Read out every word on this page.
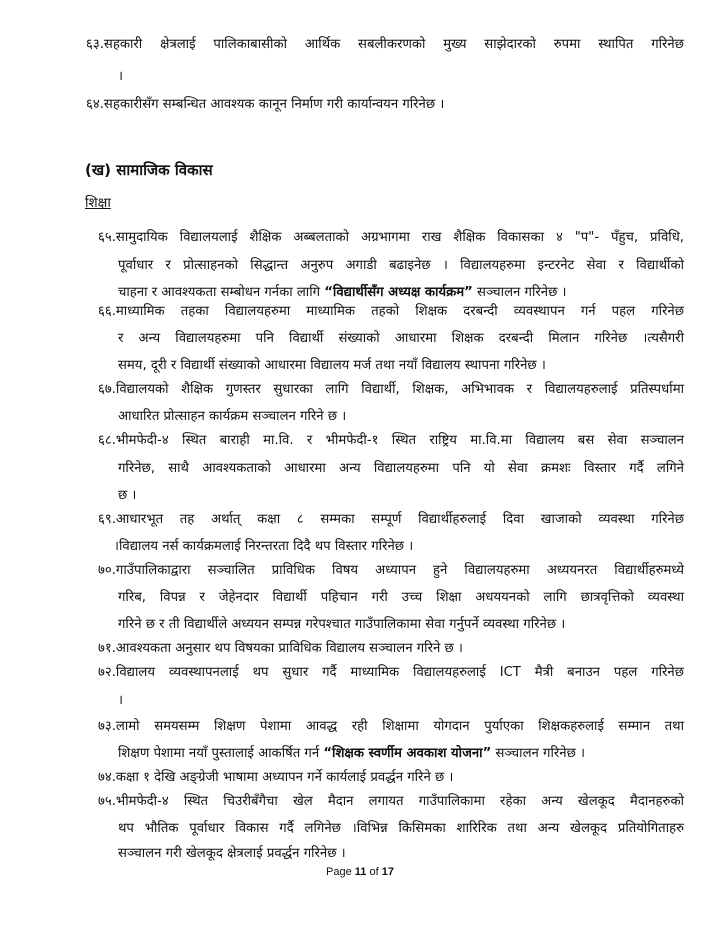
६३.सहकारी क्षेत्रलाई पालिकाबासीको आर्थिक सबलीकरणको मुख्य साझेदारको रुपमा स्थापित गरिनेछ
।
६४.सहकारीसँग सम्बन्धित आवश्यक कानून निर्माण गरी कार्यान्वयन गरिनेछ ।
(ख) सामाजिक विकास
शिक्षा
६५.सामुदायिक विद्यालयलाई शैक्षिक अब्बलताको अग्रभागमा राख शैक्षिक विकासका ४ "प"- पँहुच, प्रविधि,
पूर्वाधार र प्रोत्साहनको सिद्धान्त अनुरुप अगाडी बढाइनेछ । विद्यालयहरुमा इन्टरनेट सेवा र विद्यार्थीको
चाहना र आवश्यकता सम्बोधन गर्नका लागि “विद्यार्थीसँग अध्यक्ष कार्यक्रम” सञ्चालन गरिनेछ ।
६६.माध्यामिक तहका विद्यालयहरुमा माध्यामिक तहको शिक्षक दरबन्दी व्यवस्थापन गर्न पहल गरिनेछ
र अन्य विद्यालयहरुमा पनि विद्यार्थी संख्याको आधारमा शिक्षक दरबन्दी मिलान गरिनेछ ।त्यसैगरी
समय, दूरी र विद्यार्थी संख्याको आधारमा विद्यालय मर्ज तथा नयाँ विद्यालय स्थापना गरिनेछ ।
६७.विद्यालयको शैक्षिक गुणस्तर सुधारका लागि विद्यार्थी, शिक्षक, अभिभावक र विद्यालयहरुलाई प्रतिस्पर्धामा
आधारित प्रोत्साहन कार्यक्रम सञ्चालन गरिने छ ।
६८.भीमफेदी-४ स्थित बाराही मा.वि. र भीमफेदी-१ स्थित राष्ट्रिय मा.वि.मा विद्यालय बस सेवा सञ्चालन
गरिनेछ, साथै आवश्यकताको आधारमा अन्य विद्यालयहरुमा पनि यो सेवा क्रमशः विस्तार गर्दै लगिने
छ ।
६९.आधारभूत तह अर्थात् कक्षा ८ सम्मका सम्पूर्ण विद्यार्थीहरुलाई दिवा खाजाको व्यवस्था गरिनेछ
।विद्यालय नर्स कार्यक्रमलाई निरन्तरता दिदै थप विस्तार गरिनेछ ।
७०.गाउँपालिकाद्वारा सञ्चालित प्राविधिक विषय अध्यापन हुने विद्यालयहरुमा अध्ययनरत विद्यार्थीहरुमध्ये
गरिब, विपन्न र जेहेनदार विद्यार्थी पहिचान गरी उच्च शिक्षा अधययनको लागि छात्रवृत्तिको व्यवस्था
गरिने छ र ती विद्यार्थीले अध्ययन सम्पन्न गरेपश्चात गाउँपालिकामा सेवा गर्नुपर्ने व्यवस्था गरिनेछ ।
७१.आवश्यकता अनुसार थप विषयका प्राविधिक विद्यालय सञ्चालन गरिने छ ।
७२.विद्यालय व्यवस्थापनलाई थप सुधार गर्दै माध्यामिक विद्यालयहरुलाई ICT मैत्री बनाउन पहल गरिनेछ
।
७३.लामो समयसम्म शिक्षण पेशामा आवद्ध रही शिक्षामा योगदान पुर्याएका शिक्षकहरुलाई सम्मान तथा
शिक्षण पेशामा नयाँ पुस्तालाई आकर्षित गर्न “शिक्षक स्वर्णीम अवकाश योजना” सञ्चालन गरिनेछ ।
७४.कक्षा १ देखि अङ्ग्रेजी भाषामा अध्यापन गर्ने कार्यलाई प्रवर्द्धन गरिने छ ।
७५.भीमफेदी-४ स्थित चिउरीबँगैचा खेल मैदान लगायत गाउँपालिकामा रहेका अन्य खेलकूद मैदानहरुको
थप भौतिक पूर्वाधार विकास गर्दै लगिनेछ ।विभिन्न किसिमका शारिरिक तथा अन्य खेलकूद प्रतियोगिताहरु
सञ्चालन गरी खेलकूद क्षेत्रलाई प्रवर्द्धन गरिनेछ ।
Page 11 of 17
